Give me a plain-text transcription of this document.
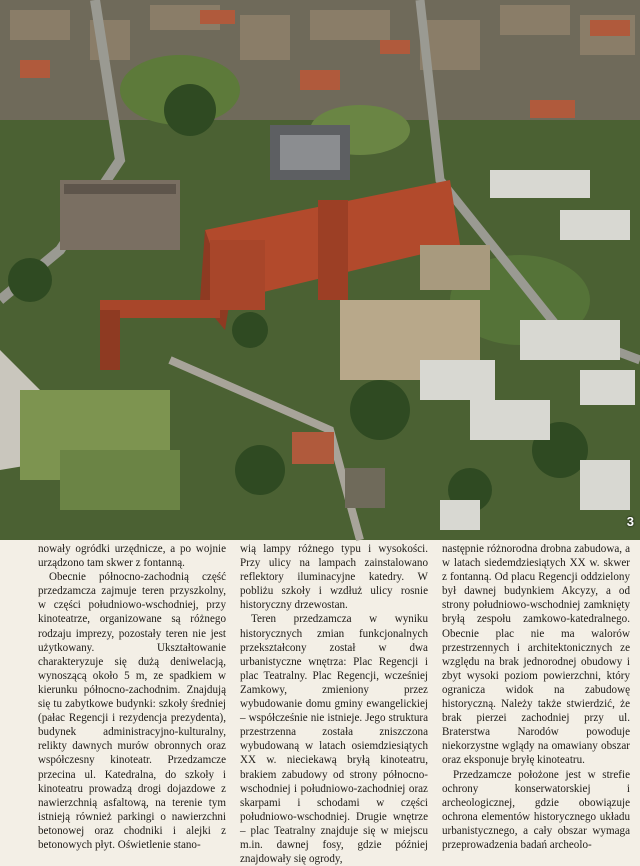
3

nowały ogródki urzędnicze, a po wojnie urządzono tam skwer z fontanną.

Obecnie północno-zachodnią część przedzamcza zajmuje teren przyszkolny, w części południowo-wschodniej, przy kinoteatrze, organizowane są różnego rodzaju imprezy, pozostały teren nie jest użytkowany. Ukształtowanie charakteryzuje się dużą deniwelacją, wynoszącą około 5 m, ze spadkiem w kierunku północno-zachodnim. Znajdują się tu zabytkowe budynki: szkoły średniej (pałac Regencji i rezydencja prezydenta), budynek administracyjno-kulturalny, relikty dawnych murów obronnych oraz współczesny kinoteatr. Przedzamcze przecina ul. Katedralna, do szkoły i kinoteatru prowadzą drogi dojazdowe z nawierzchnią asfaltową, na terenie tym istnieją również parkingi o nawierzchni betonowej oraz chodniki i alejki z betonowych płyt. Oświetlenie stano-

wią lampy różnego typu i wysokości. Przy ulicy na lampach zainstalowano reflektory iluminacyjne katedry. W pobliżu szkoły i wzdłuż ulicy rosnie historyczny drzewostan.

Teren przedzamcza w wyniku historycznych zmian funkcjonalnych przekształcony został w dwa urbanistyczne wnętrza: Plac Regencji i plac Teatralny. Plac Regencji, wcześniej Zamkowy, zmieniony przez wybudowanie domu gminy ewangelickiej – współcześnie nie istnieje. Jego struktura przestrzenna została zniszczona wybudowaną w latach osiemdziesiątych XX w. nieciekawą bryłą kinoteatru, brakiem zabudowy od strony północno-wschodniej i południowo-zachodniej oraz skarpami i schodami w części południowo-wschodniej. Drugie wnętrze – plac Teatralny znajduje się w miejscu m.in. dawnej fosy, gdzie później znajdowały się ogrody,

następnie różnorodna drobna zabudowa, a w latach siedemdziesiątych XX w. skwer z fontanną. Od placu Regencji oddzielony był dawnej budynkiem Akcyzy, a od strony południowo-wschodniej zamknięty bryłą zespołu zamkowo-katedralnego. Obecnie plac nie ma walorów przestrzennych i architektonicznych ze względu na brak jednorodnej obudowy i zbyt wysoki poziom powierzchni, który ogranicza widok na zabudowę historyczną. Należy także stwierdzić, że brak pierzei zachodniej przy ul. Braterstwa Narodów powoduje niekorzystne wglądy na omawiany obszar oraz eksponuje bryłę kinoteatru.

Przedzamcze położone jest w strefie ochrony konserwatorskiej i archeologicznej, gdzie obowiązuje ochrona elementów historycznego układu urbanistycznego, a cały obszar wymaga przeprowadzenia badań archeolo-
